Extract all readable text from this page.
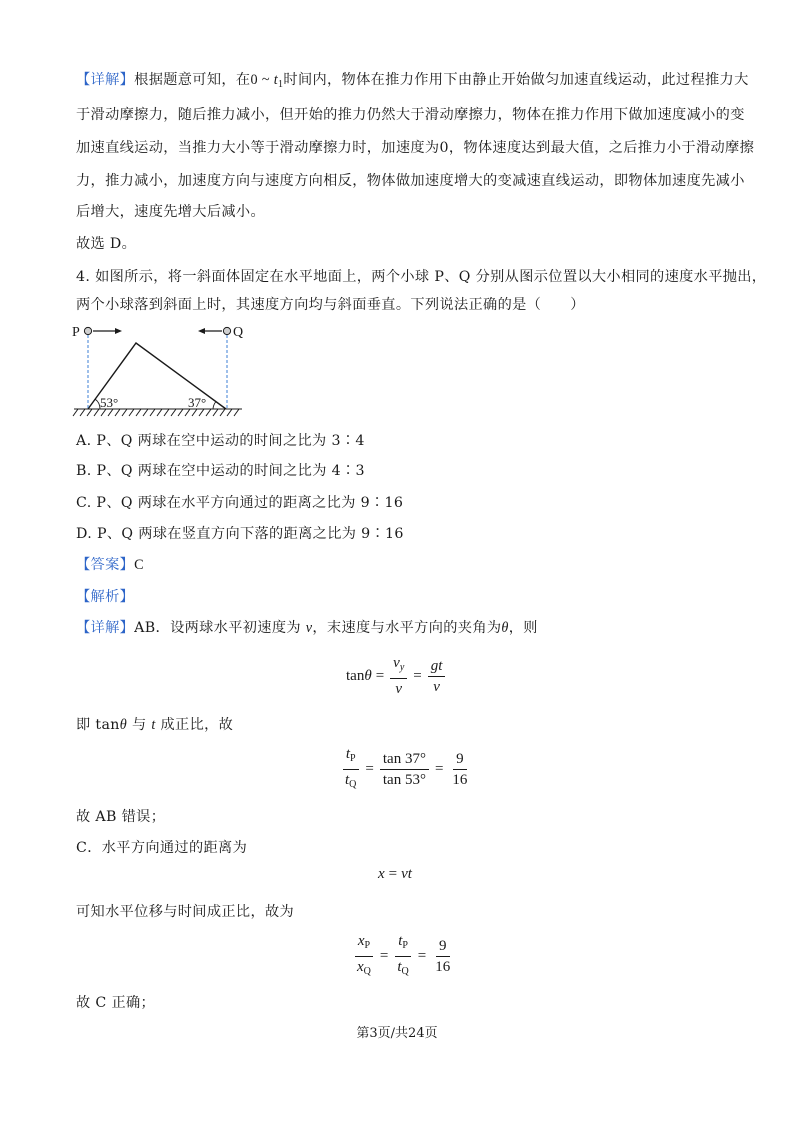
【详解】根据题意可知，在0 ~ $t_1$时间内，物体在推力作用下由静止开始做匀加速直线运动，此过程推力大
于滑动摩擦力，随后推力减小，但开始的推力仍然大于滑动摩擦力，物体在推力作用下做加速度减小的变
加速直线运动，当推力大小等于滑动摩擦力时，加速度为0，物体速度达到最大值，之后推力小于滑动摩擦
力，推力减小，加速度方向与速度方向相反，物体做加速度增大的变减速直线运动，即物体加速度先减小
后增大，速度先增大后减小。
故选 D。
4. 如图所示，将一斜面体固定在水平地面上，两个小球 P、Q 分别从图示位置以大小相同的速度水平抛出，
两个小球落到斜面上时，其速度方向均与斜面垂直。下列说法正确的是（　　）
53°	37°
P	Q
A. P、Q 两球在空中运动的时间之比为 3∶4
B. P、Q 两球在空中运动的时间之比为 4∶3
C. P、Q 两球在水平方向通过的距离之比为 9∶16
D. P、Q 两球在竖直方向下落的距离之比为 9∶16
【答案】C
【解析】
【详解】AB．设两球水平初速度为 v，末速度与水平方向的夹角为θ，则
$\tan \theta = \frac{v_y}{v} = \frac{gt}{v}$
即 tanθ 与 t 成正比，故
$\frac{t_P}{t_Q} = \frac{\tan 37^\circ}{\tan 53^\circ} = \frac{9}{16}$
故 AB 错误；
C．水平方向通过的距离为
x = vt
可知水平位移与时间成正比，故为
$\frac{x_P}{x_Q} = \frac{t_P}{t_Q} = \frac{9}{16}$
故 C 正确；
第3页/共24页
